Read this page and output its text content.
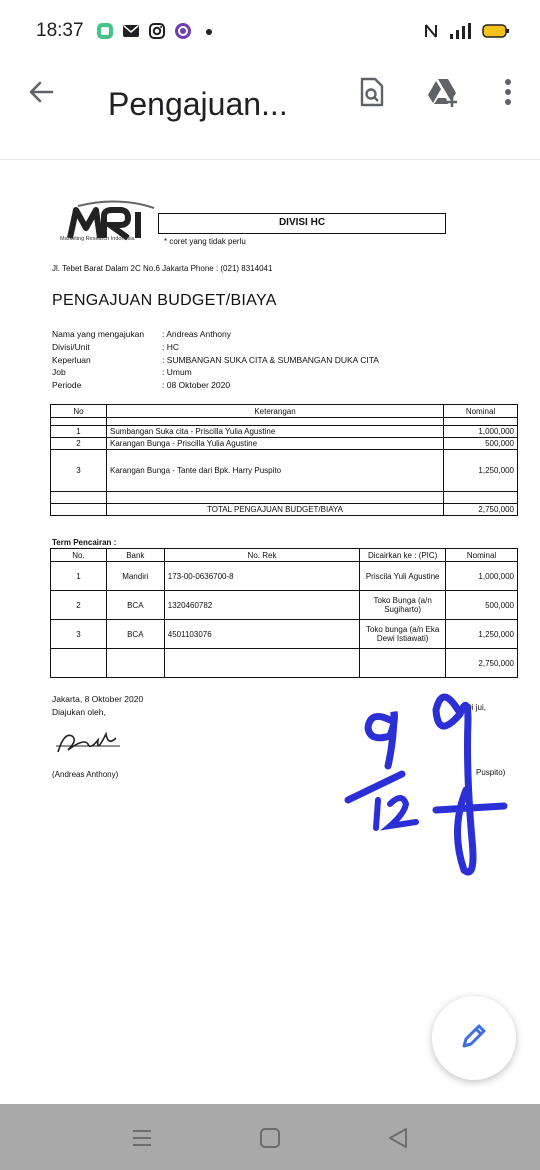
18:37
Pengajuan...
Marketing Research Indonesia
DIVISI HC
* coret yang tidak perlu
Jl. Tebet Barat Dalam 2C No.6 Jakarta Phone : (021) 8314041
PENGAJUAN BUDGET/BIAYA
Nama yang mengajukan	: Andreas Anthony
Divisi/Unit	: HC
Keperluan	: SUMBANGAN SUKA CITA & SUMBANGAN DUKA CITA
Job	: Umum
Periode	: 08 Oktober 2020
No	Keterangan	Nominal

1	Sumbangan Suka cita - Priscilla Yulia Agustine	1,000,000
2	Karangan Bunga - Priscilla Yulia Agustine	500,000
3	Karangan Bunga - Tante dari Bpk. Harry Puspito	1,250,000

	TOTAL PENGAJUAN BUDGET/BIAYA	2,750,000
Term Pencairan :
No.	Bank	No. Rek	Dicairkan ke : (PIC)	Nominal
1	Mandiri	173-00-0636700-8	Priscila Yuli Agustine	1,000,000
2	BCA	1320460782	Toko Bunga (a/n Sugiharto)	500,000
3	BCA	4501103076	Toko bunga (a/n Eka Dewi Istiawati)	1,250,000
				2,750,000
Jakarta, 8 Oktober 2020
Diajukan oleh,
(Andreas Anthony)
Di jui,
Puspito)
